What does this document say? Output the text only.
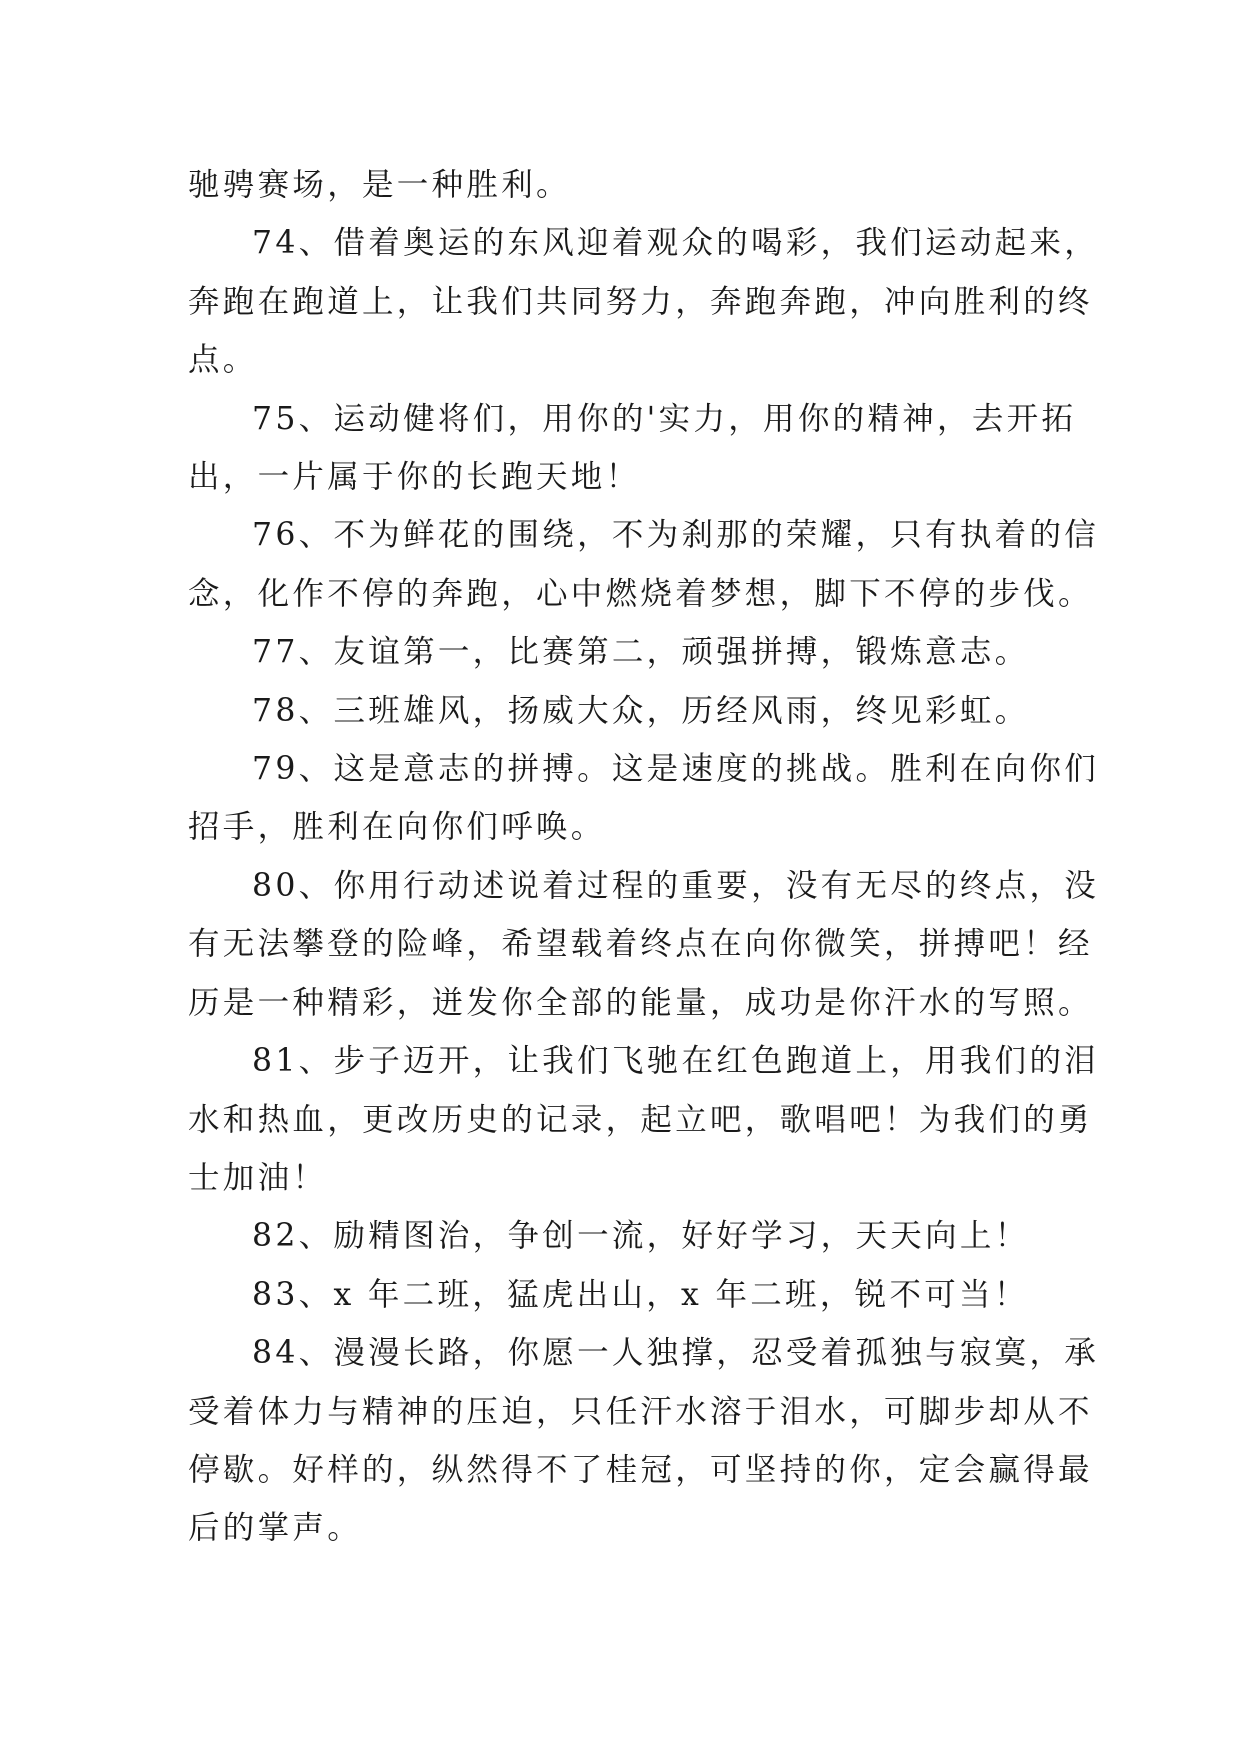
驰骋赛场，是一种胜利。

74、借着奥运的东风迎着观众的喝彩，我们运动起来，
奔跑在跑道上，让我们共同努力，奔跑奔跑，冲向胜利的终
点。

75、运动健将们，用你的'实力，用你的精神，去开拓
出，一片属于你的长跑天地！

76、不为鲜花的围绕，不为刹那的荣耀，只有执着的信
念，化作不停的奔跑，心中燃烧着梦想，脚下不停的步伐。

77、友谊第一，比赛第二，顽强拼搏，锻炼意志。

78、三班雄风，扬威大众，历经风雨，终见彩虹。

79、这是意志的拼搏。这是速度的挑战。胜利在向你们
招手，胜利在向你们呼唤。

80、你用行动述说着过程的重要，没有无尽的终点，没
有无法攀登的险峰，希望载着终点在向你微笑，拼搏吧！经
历是一种精彩，迸发你全部的能量，成功是你汗水的写照。

81、步子迈开，让我们飞驰在红色跑道上，用我们的泪
水和热血，更改历史的记录，起立吧，歌唱吧！为我们的勇
士加油！

82、励精图治，争创一流，好好学习，天天向上！

83、x 年二班，猛虎出山，x 年二班，锐不可当！

84、漫漫长路，你愿一人独撑，忍受着孤独与寂寞，承
受着体力与精神的压迫，只任汗水溶于泪水，可脚步却从不
停歇。好样的，纵然得不了桂冠，可坚持的你，定会赢得最
后的掌声。
